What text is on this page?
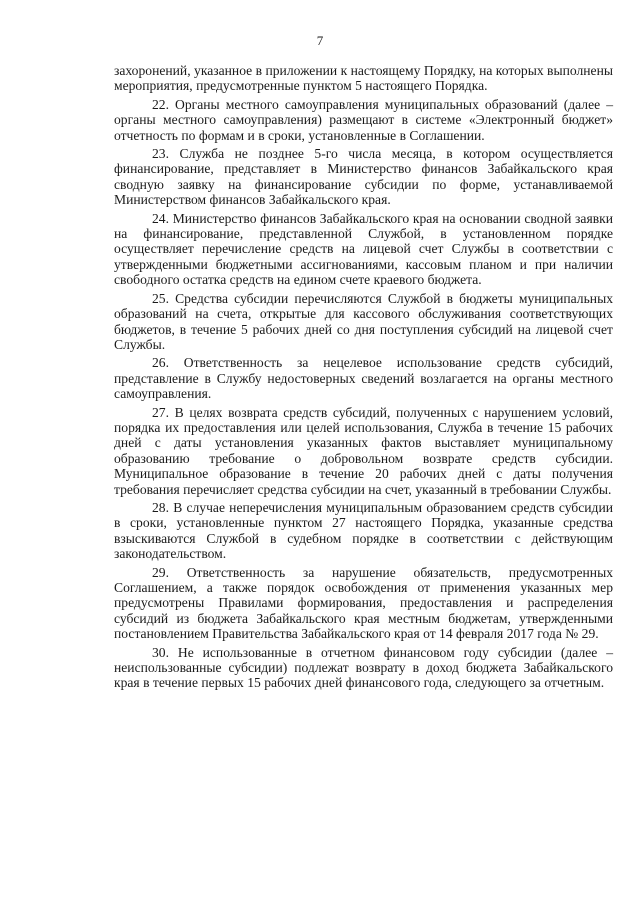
7

захоронений, указанное в приложении к настоящему Порядку, на которых выполнены мероприятия, предусмотренные пунктом 5 настоящего Порядка.

22. Органы местного самоуправления муниципальных образований (далее – органы местного самоуправления) размещают в системе «Электронный бюджет» отчетность по формам и в сроки, установленные в Соглашении.

23. Служба не позднее 5-го числа месяца, в котором осуществляется финансирование, представляет в Министерство финансов Забайкальского края сводную заявку на финансирование субсидии по форме, устанавливаемой Министерством финансов Забайкальского края.

24. Министерство финансов Забайкальского края на основании сводной заявки на финансирование, представленной Службой, в установленном порядке осуществляет перечисление средств на лицевой счет Службы в соответствии с утвержденными бюджетными ассигнованиями, кассовым планом и при наличии свободного остатка средств на едином счете краевого бюджета.

25. Средства субсидии перечисляются Службой в бюджеты муниципальных образований на счета, открытые для кассового обслуживания соответствующих бюджетов, в течение 5 рабочих дней со дня поступления субсидий на лицевой счет Службы.

26. Ответственность за нецелевое использование средств субсидий, представление в Службу недостоверных сведений возлагается на органы местного самоуправления.

27. В целях возврата средств субсидий, полученных с нарушением условий, порядка их предоставления или целей использования, Служба в течение 15 рабочих дней с даты установления указанных фактов выставляет муниципальному образованию требование о добровольном возврате средств субсидии. Муниципальное образование в течение 20 рабочих дней с даты получения требования перечисляет средства субсидии на счет, указанный в требовании Службы.

28. В случае неперечисления муниципальным образованием средств субсидии в сроки, установленные пунктом 27 настоящего Порядка, указанные средства взыскиваются Службой в судебном порядке в соответствии с действующим законодательством.

29. Ответственность за нарушение обязательств, предусмотренных Соглашением, а также порядок освобождения от применения указанных мер предусмотрены Правилами формирования, предоставления и распределения субсидий из бюджета Забайкальского края местным бюджетам, утвержденными постановлением Правительства Забайкальского края от 14 февраля 2017 года № 29.

30. Не использованные в отчетном финансовом году субсидии (далее – неиспользованные субсидии) подлежат возврату в доход бюджета Забайкальского края в течение первых 15 рабочих дней финансового года, следующего за отчетным.
